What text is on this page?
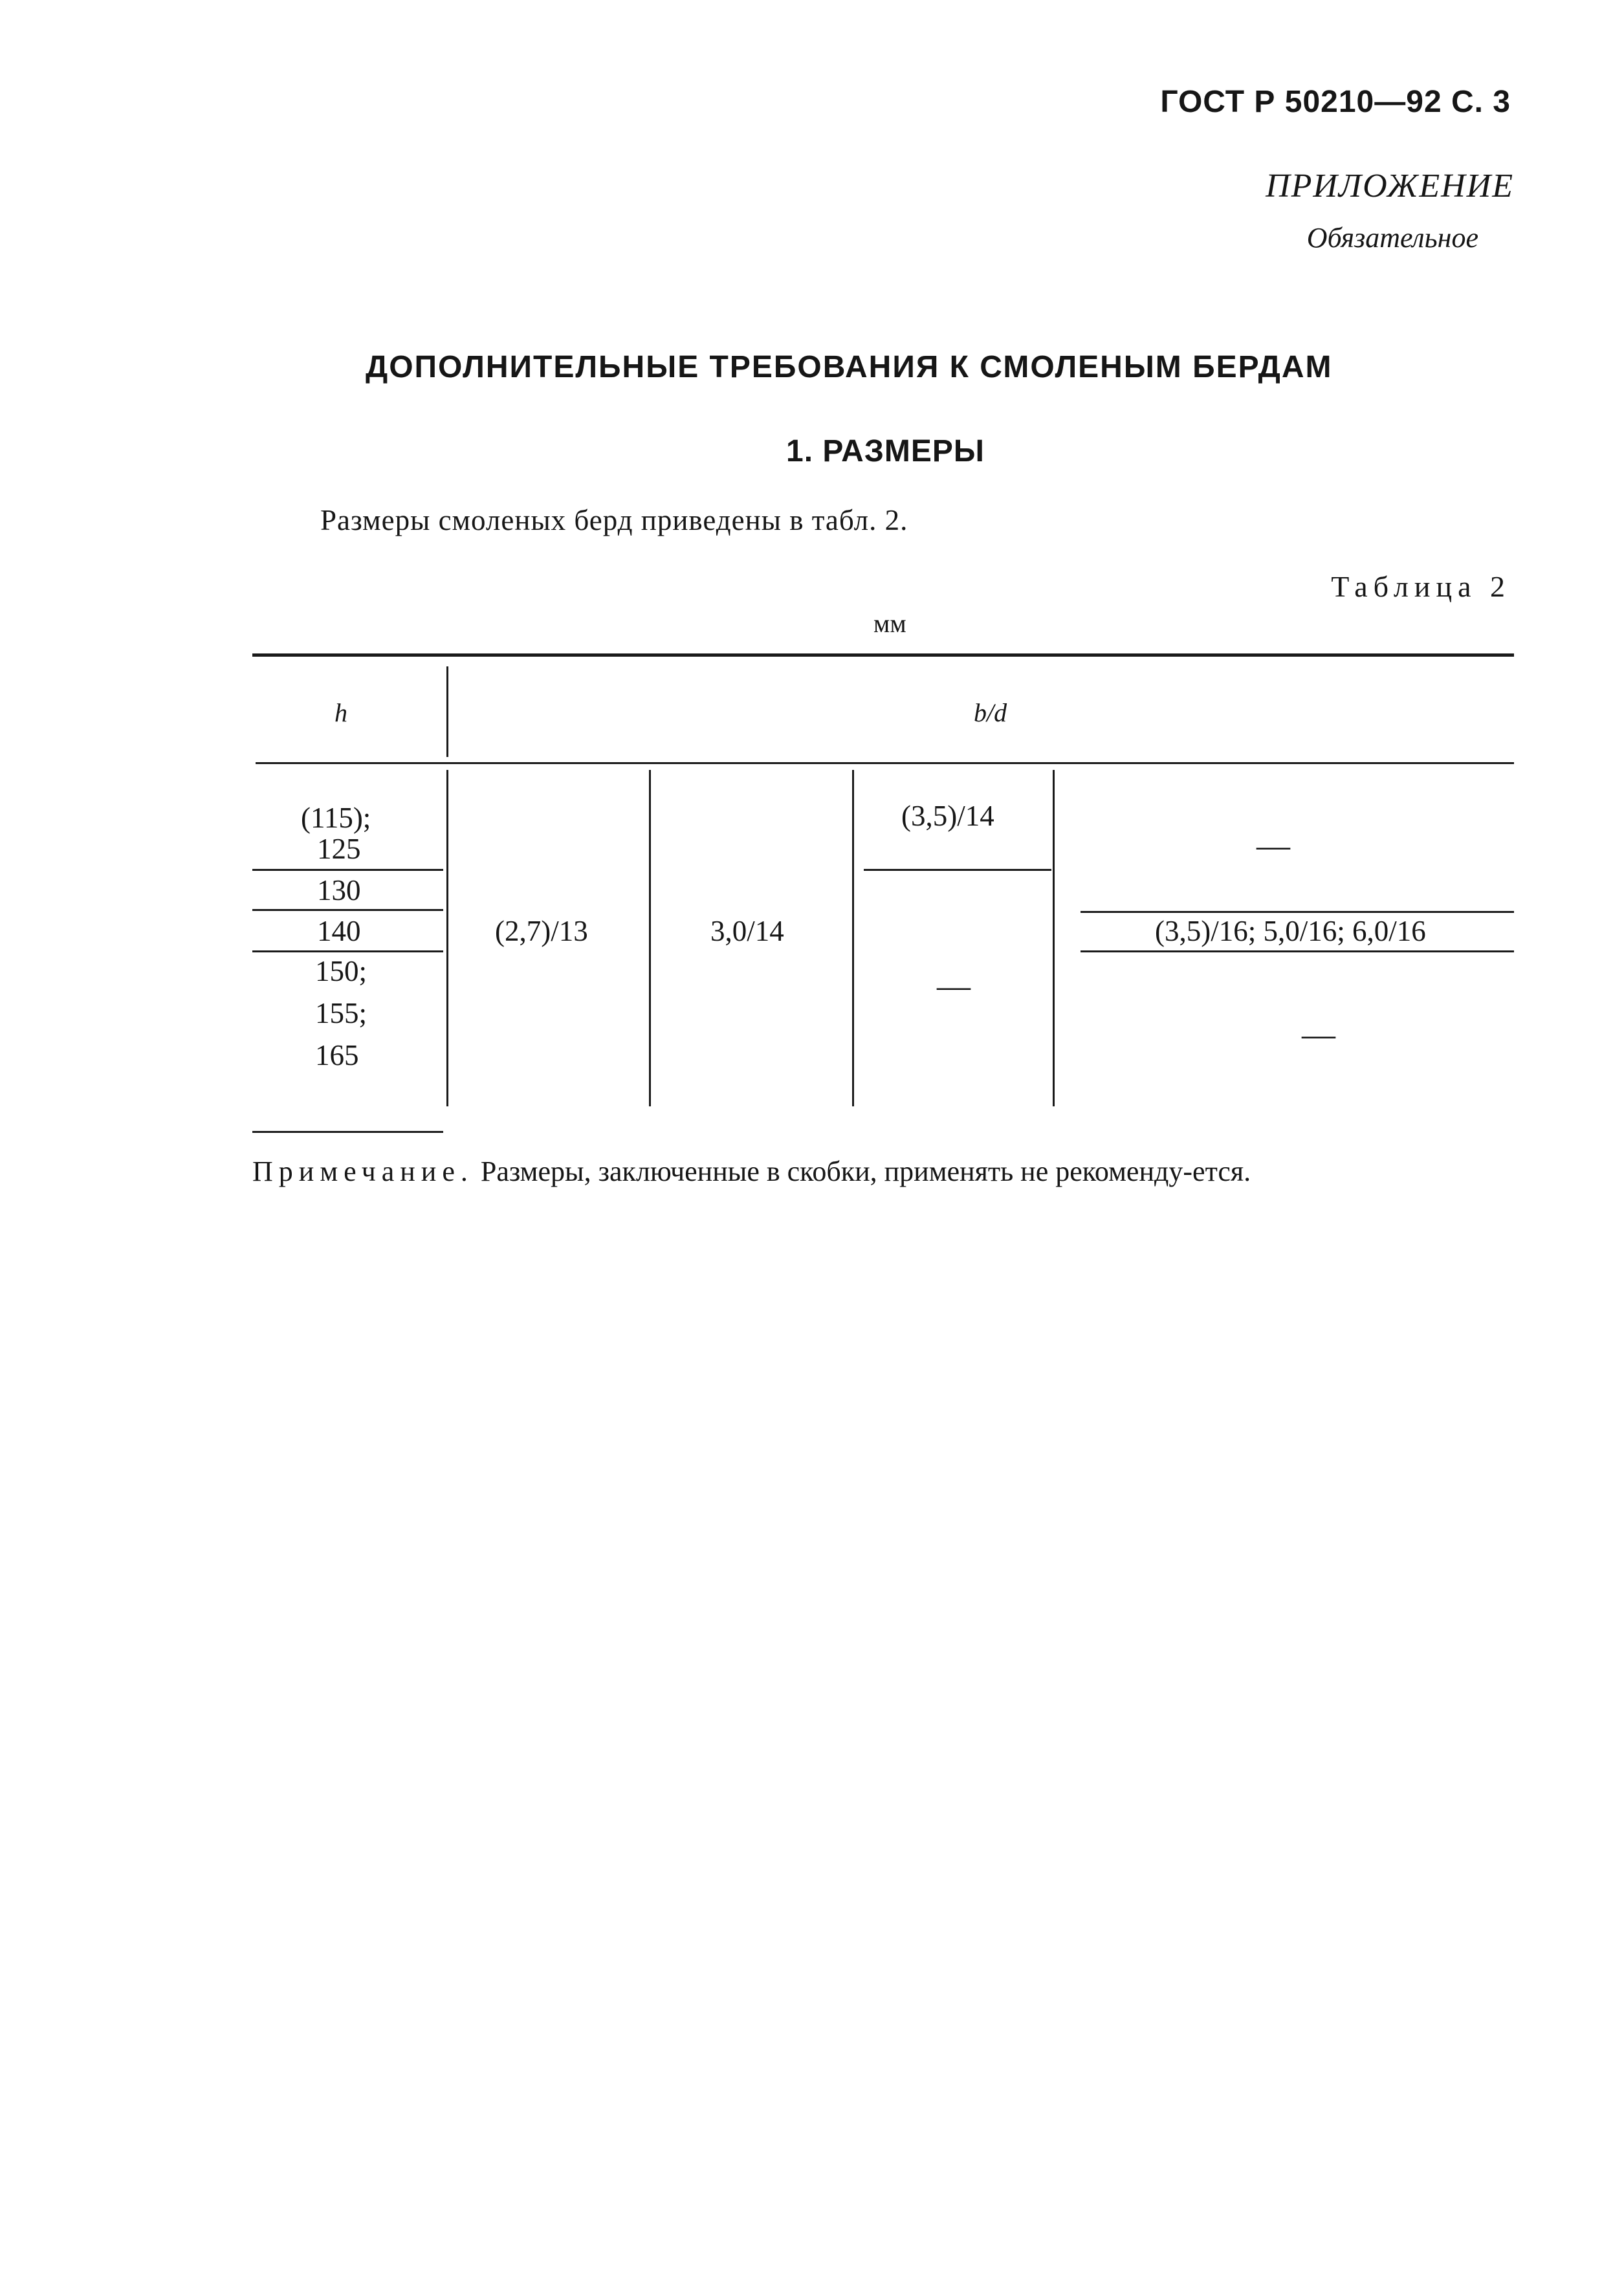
ГОСТ Р 50210—92 С. 3
ПРИЛОЖЕНИЕ
Обязательное
ДОПОЛНИТЕЛЬНЫЕ ТРЕБОВАНИЯ К СМОЛЕНЫМ БЕРДАМ
1. РАЗМЕРЫ
Размеры смоленых берд приведены в табл. 2.
Таблица 2
мм
h	b/d
(115);
125
130
140
150;
155;
165
(2,7)/13	3,0/14
(3,5)/14
—
—
(3,5)/16; 5,0/16; 6,0/16
—
Примечание. Размеры, заключенные в скобки, применять не рекоменду-ется.
